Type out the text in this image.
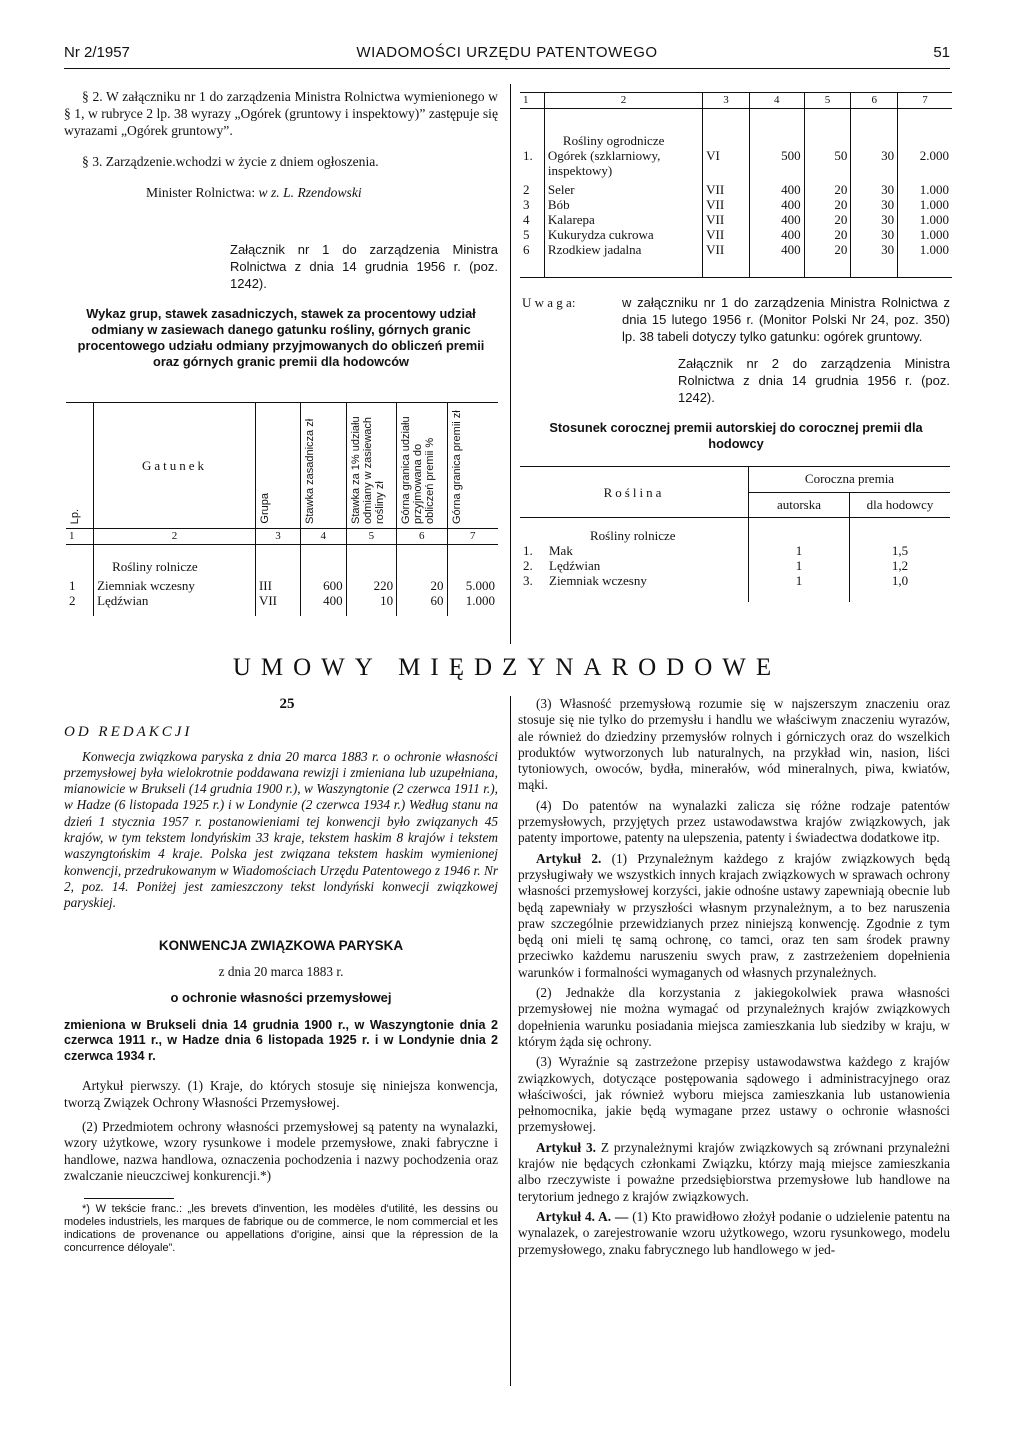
Nr 2/1957	WIADOMOŚCI URZĘDU PATENTOWEGO	51

§ 2. W załączniku nr 1 do zarządzenia Ministra Rolnictwa wymienionego w § 1, w rubryce 2 lp. 38 wyrazy „Ogórek (gruntowy i inspektowy)” zastępuje się wyrazami „Ogórek gruntowy”.

§ 3. Zarządzenie.wchodzi w życie z dniem ogłoszenia.

Minister Rolnictwa: w z. L. Rzendowski

Załącznik nr 1 do zarządzenia Ministra Rolnictwa z dnia 14 grudnia 1956 r. (poz. 1242).

Wykaz grup, stawek zasadniczych, stawek za procentowy udział odmiany w zasiewach danego gatunku rośliny, górnych granic procentowego udziału odmiany przyjmowanych do obliczeń premii oraz górnych granic premii dla hodowców

Lp.	Gatunek	Grupa	Stawka zasadnicza zł	Stawka za 1% udziału odmiany w zasiewach rośliny zł	Górna granica udziału przyjmowana do obliczeń premii %	Górna granica premii zł

1	2	3	4	5	6	7
	Rośliny rolnicze					

1	Ziemniak wczesny	III	600	220	20	5.000
2	Lędźwian	VII	400	10	60	1.000

1	2	3	4	5	6	7
	Rośliny ogrodnicze					
1.	Ogórek (szklarniowy, inspektowy)	VI	500	50	30	2.000
2	Seler	VII	400	20	30	1.000
3	Bób	VII	400	20	30	1.000
4	Kalarepa	VII	400	20	30	1.000
5	Kukurydza cukrowa	VII	400	20	30	1.000
6	Rzodkiew jadalna	VII	400	20	30	1.000

U w a g a:	w załączniku nr 1 do zarządzenia Ministra Rolnictwa z dnia 15 lutego 1956 r. (Monitor Polski Nr 24, poz. 350) lp. 38 tabeli dotyczy tylko gatunku: ogórek gruntowy.

Załącznik nr 2 do zarządzenia Ministra Rolnictwa z dnia 14 grudnia 1956 r. (poz. 1242).

Stosunek corocznej premii autorskiej do corocznej premii dla hodowcy

Roślina	Coroczna premia	
	autorska	dla hodowcy
Rośliny rolnicze		
1. Mak	1	1,5
2. Lędźwian	1	1,2
3. Ziemniak wczesny	1	1,0

UMOWY MIĘDZYNARODOWE
25
OD REDAKCJI

Konwecja związkowa paryska z dnia 20 marca 1883 r. o ochronie własności przemysłowej była wielokrotnie poddawana rewizji i zmieniana lub uzupełniana, mianowicie w Brukseli (14 grudnia 1900 r.), w Waszyngtonie (2 czerwca 1911 r.), w Hadze (6 listopada 1925 r.) i w Londynie (2 czerwca 1934 r.) Według stanu na dzień 1 stycznia 1957 r. postanowieniami tej konwencji było związanych 45 krajów, w tym tekstem londyńskim 33 kraje, tekstem haskim 8 krajów i tekstem waszyngtońskim 4 kraje. Polska jest związana tekstem haskim wymienionej konwencji, przedrukowanym w Wiadomościach Urzędu Patentowego z 1946 r. Nr 2, poz. 14. Poniżej jest zamieszczony tekst londyński konwecji związkowej paryskiej.

KONWENCJA ZWIĄZKOWA PARYSKA

z dnia 20 marca 1883 r.

o ochronie własności przemysłowej

zmieniona w Brukseli dnia 14 grudnia 1900 r., w Waszyngtonie dnia 2 czerwca 1911 r., w Hadze dnia 6 listopada 1925 r. i w Londynie dnia 2 czerwca 1934 r.

Artykuł pierwszy. (1) Kraje, do których stosuje się niniejsza konwencja, tworzą Związek Ochrony Własności Przemysłowej.

(2) Przedmiotem ochrony własności przemysłowej są patenty na wynalazki, wzory użytkowe, wzory rysunkowe i modele przemysłowe, znaki fabryczne i handlowe, nazwa handlowa, oznaczenia pochodzenia i nazwy pochodzenia oraz zwalczanie nieuczciwej konkurencji.*)

*) W tekście franc.: „les brevets d'invention, les modèles d'utilité, les dessins ou modeles industriels, les marques de fabrique ou de commerce, le nom commercial et les indications de provenance ou appellations d'origine, ainsi que la répression de la concurrence déloyale”.

(3) Własność przemysłową rozumie się w najszerszym znaczeniu oraz stosuje się nie tylko do przemysłu i handlu we właściwym znaczeniu wyrazów, ale również do dziedziny przemysłów rolnych i górniczych oraz do wszelkich produktów wytworzonych lub naturalnych, na przykład win, nasion, liści tytoniowych, owoców, bydła, minerałów, wód mineralnych, piwa, kwiatów, mąki.

(4) Do patentów na wynalazki zalicza się różne rodzaje patentów przemysłowych, przyjętych przez ustawodawstwa krajów związkowych, jak patenty importowe, patenty na ulepszenia, patenty i świadectwa dodatkowe itp.

Artykuł 2. (1) Przynależnym każdego z krajów związkowych będą przysługiwały we wszystkich innych krajach związkowych w sprawach ochrony własności przemysłowej korzyści, jakie odnośne ustawy zapewniają obecnie lub będą zapewniały w przyszłości własnym przynależnym, a to bez naruszenia praw szczególnie przewidzianych przez niniejszą konwencję. Zgodnie z tym będą oni mieli tę samą ochronę, co tamci, oraz ten sam środek prawny przeciwko każdemu naruszeniu swych praw, z zastrzeżeniem dopełnienia warunków i formalności wymaganych od własnych przynależnych.

(2) Jednakże dla korzystania z jakiegokolwiek prawa własności przemysłowej nie można wymagać od przynależnych krajów związkowych dopełnienia warunku posiadania miejsca zamieszkania lub siedziby w kraju, w którym żąda się ochrony.

(3) Wyraźnie są zastrzeżone przepisy ustawodawstwa każdego z krajów związkowych, dotyczące postępowania sądowego i administracyjnego oraz właściwości, jak również wyboru miejsca zamieszkania lub ustanowienia pełnomocnika, jakie będą wymagane przez ustawy o ochronie własności przemysłowej.

Artykuł 3. Z przynależnymi krajów związkowych są zrównani przynależni krajów nie będących członkami Związku, którzy mają miejsce zamieszkania albo rzeczywiste i poważne przedsiębiorstwa przemysłowe lub handlowe na terytorium jednego z krajów związkowych.

Artykuł 4. A. — (1) Kto prawidłowo złożył podanie o udzielenie patentu na wynalazek, o zarejestrowanie wzoru użytkowego, wzoru rysunkowego, modelu przemysłowego, znaku fabrycznego lub handlowego w jed-
